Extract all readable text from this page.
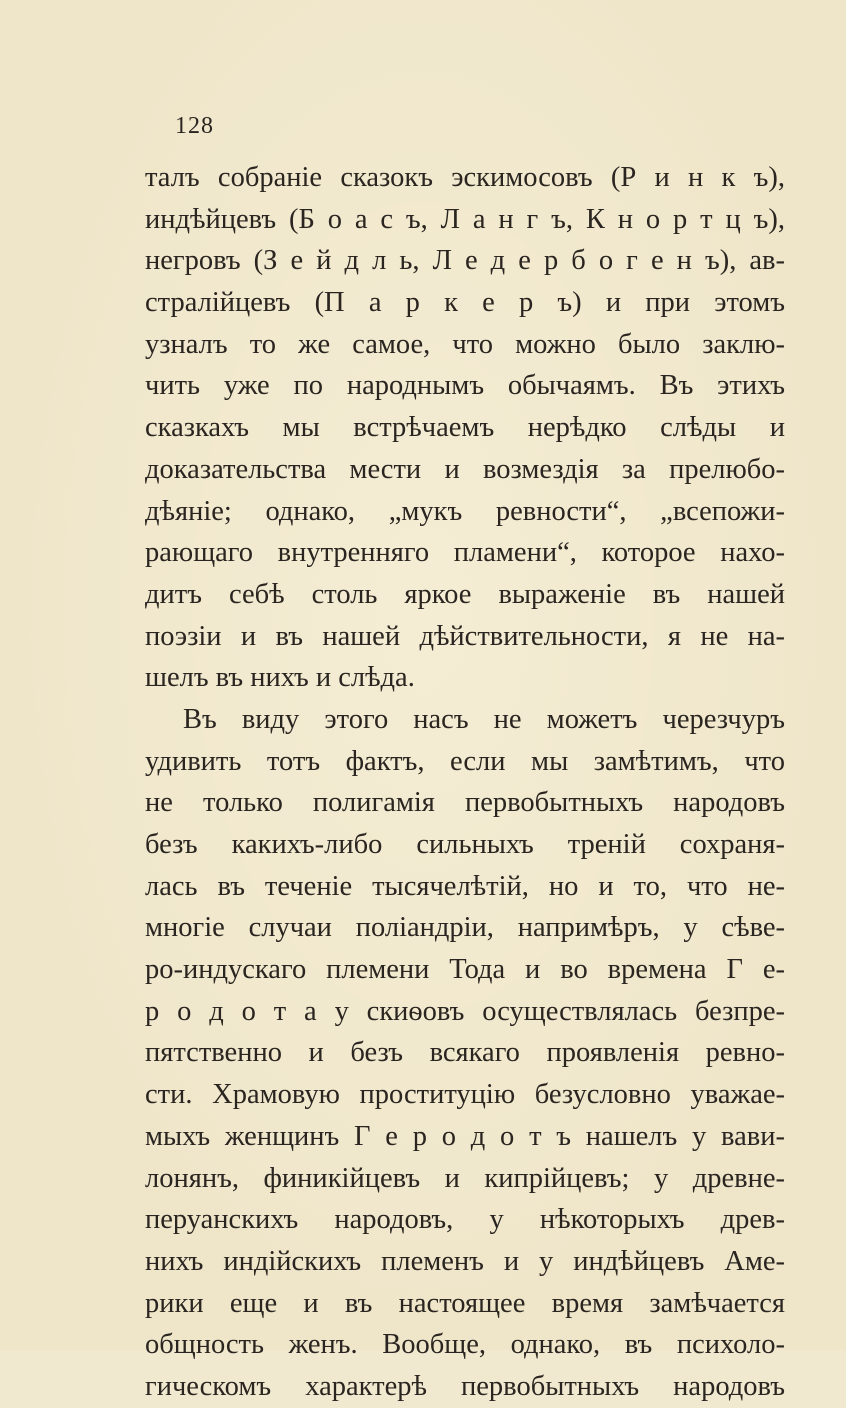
128
талъ собраніе сказокъ эскимосовъ (Р и н к ъ),
индѣйцевъ (Б о а с ъ, Л а н г ъ, К н о р т ц ъ),
негровъ (З е й д л ь, Л е д е р б о г е н ъ), ав-
стралійцевъ (П а р к е р ъ) и при этомъ
узналъ то же самое, что можно было заклю-
чить уже по народнымъ обычаямъ. Въ этихъ
сказкахъ мы встрѣчаемъ нерѣдко слѣды и
доказательства мести и возмездія за прелюбо-
дѣяніе; однако, „мукъ ревности“, „всепожи-
рающаго внутренняго пламени“, которое нахо-
дитъ себѣ столь яркое выраженіе въ нашей
поэзіи и въ нашей дѣйствительности, я не на-
шелъ въ нихъ и слѣда.
Въ виду этого насъ не можетъ черезчуръ
удивить тотъ фактъ, если мы замѣтимъ, что
не только полигамія первобытныхъ народовъ
безъ какихъ-либо сильныхъ треній сохраня-
лась въ теченіе тысячелѣтій, но и то, что не-
многіе случаи поліандріи, напримѣръ, у сѣве-
ро-индускаго племени Тода и во времена Г е-
р о д о т а у скиѳовъ осуществлялась безпре-
пятственно и безъ всякаго проявленія ревно-
сти. Храмовую проституцію безусловно уважае-
мыхъ женщинъ Г е р о д о т ъ нашелъ у вави-
лонянъ, финикійцевъ и кипрійцевъ; у древне-
перуанскихъ народовъ, у нѣкоторыхъ древ-
нихъ индійскихъ племенъ и у индѣйцевъ Аме-
рики еще и въ настоящее время замѣчается
общность женъ. Вообще, однако, въ психоло-
гическомъ характерѣ первобытныхъ народовъ
